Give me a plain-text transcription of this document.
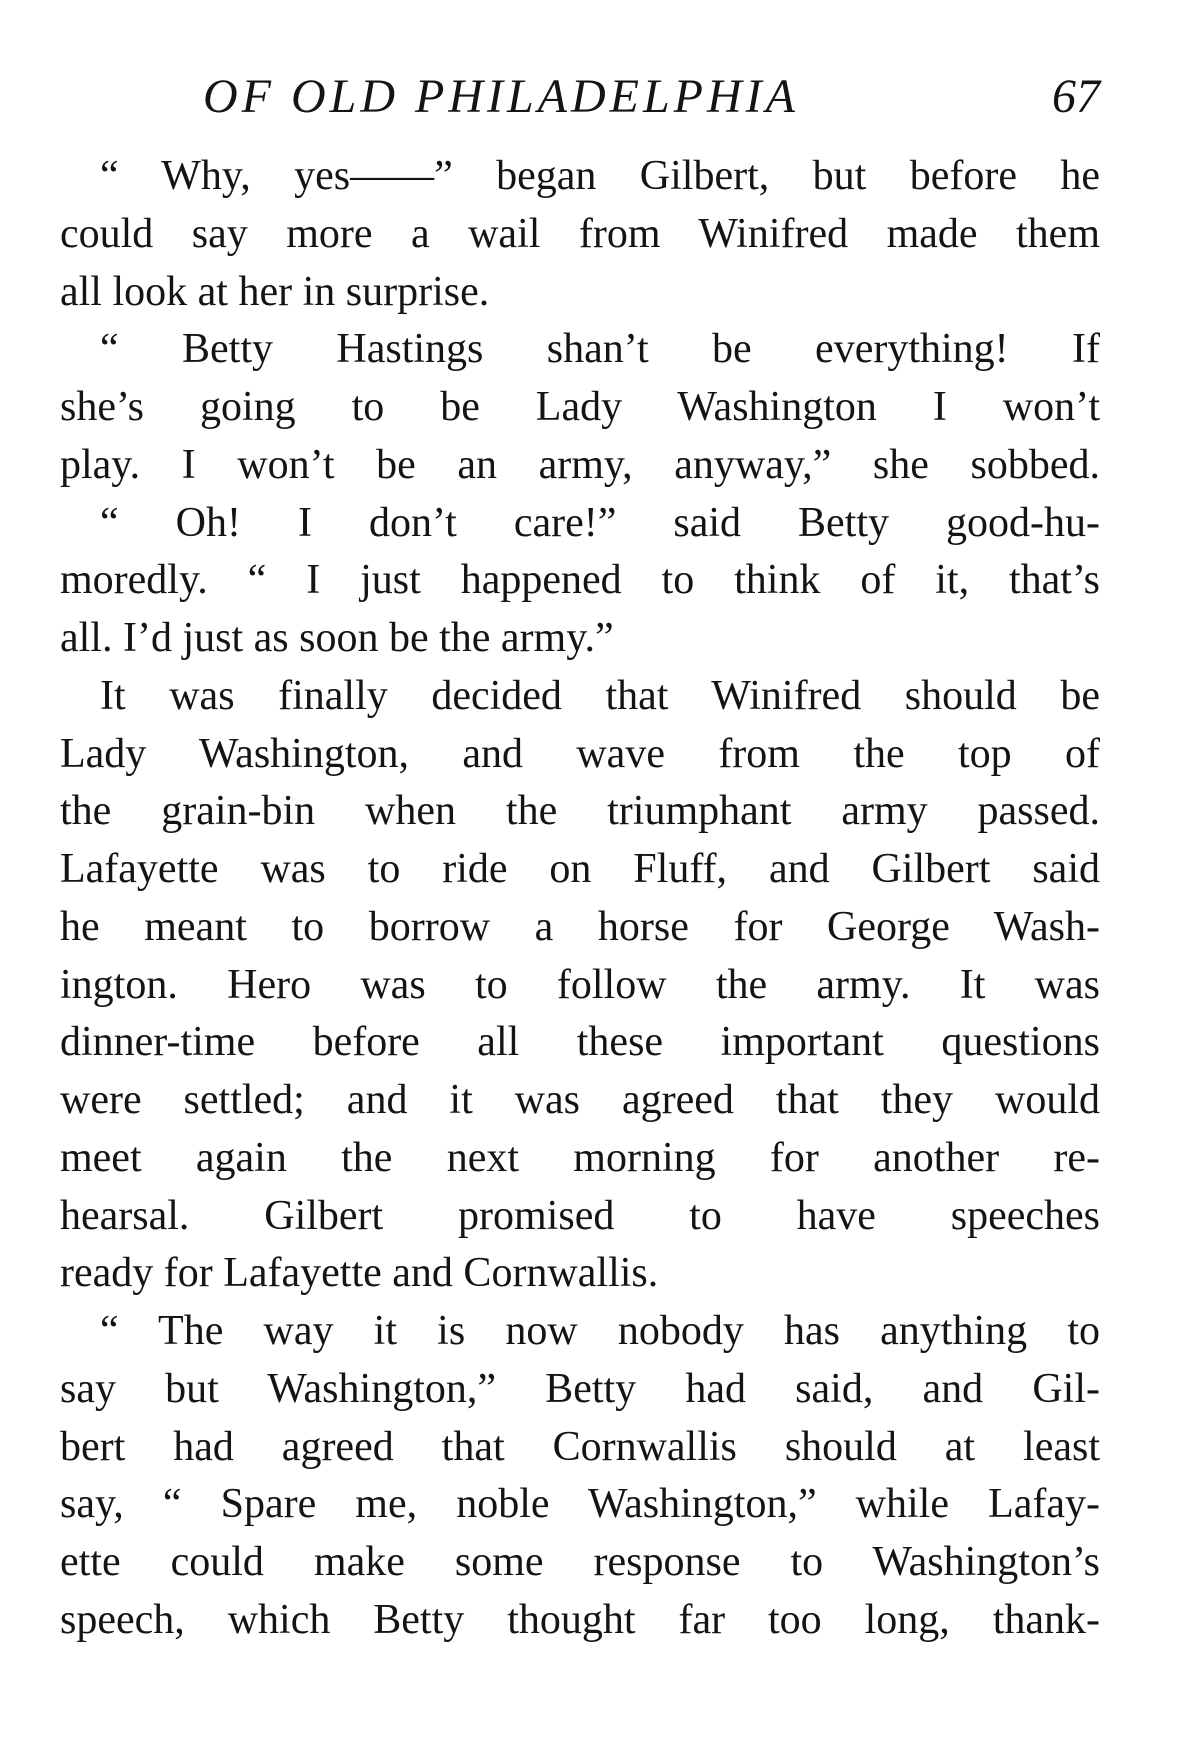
OF OLD PHILADELPHIA	67
“ Why, yes——” began Gilbert, but before he
could say more a wail from Winifred made them
all look at her in surprise.
“ Betty Hastings shan’t be everything! If
she’s going to be Lady Washington I won’t
play. I won’t be an army, anyway,” she sobbed.
“ Oh! I don’t care!” said Betty good-hu-
moredly. “ I just happened to think of it, that’s
all. I’d just as soon be the army.”
It was finally decided that Winifred should be
Lady Washington, and wave from the top of
the grain-bin when the triumphant army passed.
Lafayette was to ride on Fluff, and Gilbert said
he meant to borrow a horse for George Wash-
ington. Hero was to follow the army. It was
dinner-time before all these important questions
were settled; and it was agreed that they would
meet again the next morning for another re-
hearsal. Gilbert promised to have speeches
ready for Lafayette and Cornwallis.
“ The way it is now nobody has anything to
say but Washington,” Betty had said, and Gil-
bert had agreed that Cornwallis should at least
say, “ Spare me, noble Washington,” while Lafay-
ette could make some response to Washington’s
speech, which Betty thought far too long, thank-
